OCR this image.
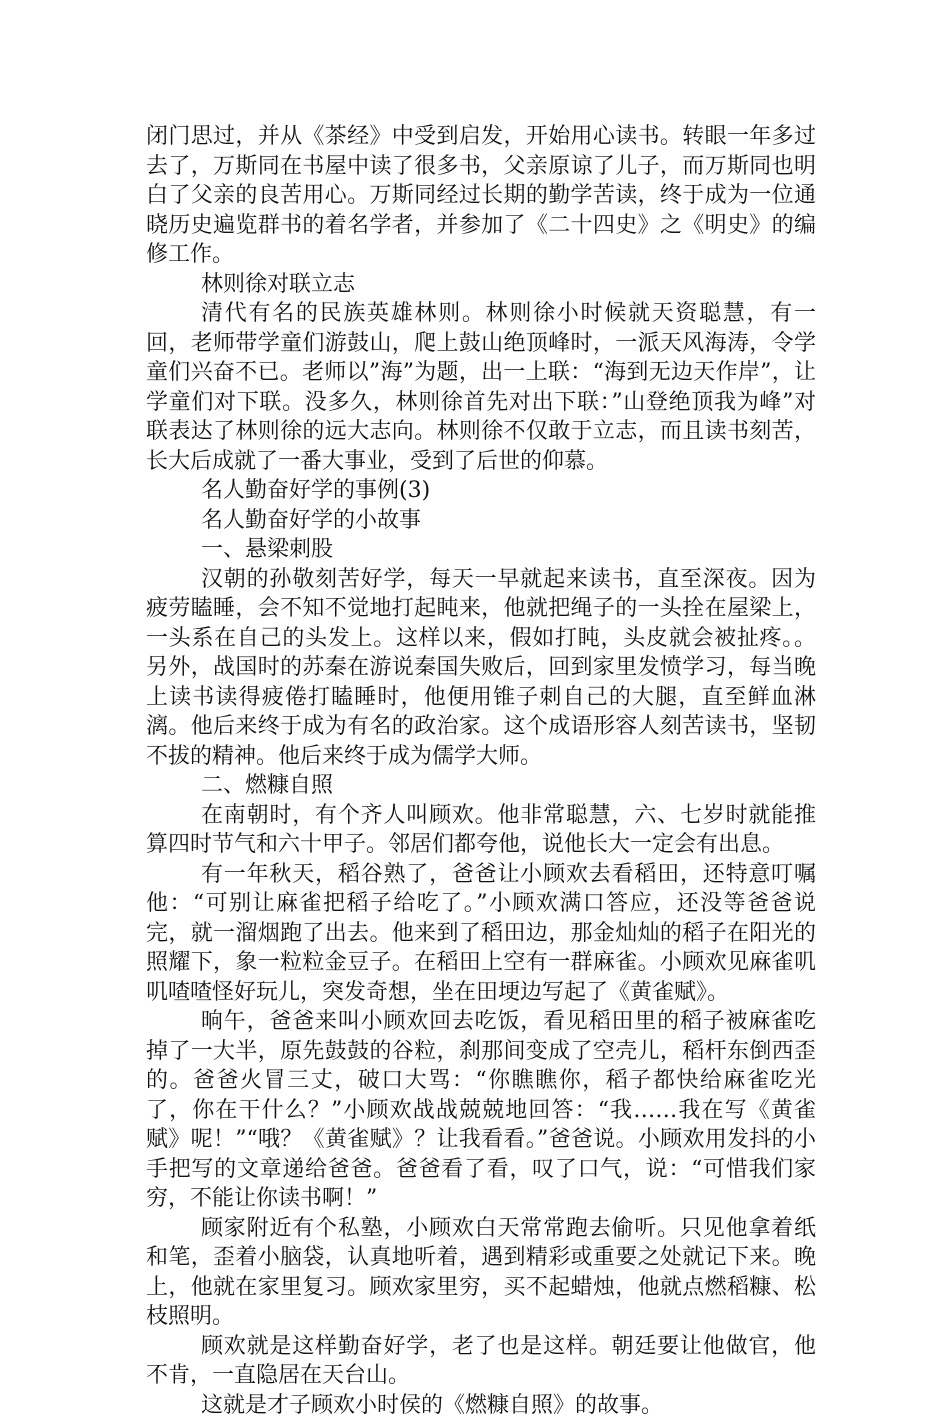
闭门思过，并从《茶经》中受到启发，开始用心读书。转眼一年多过去了，万斯同在书屋中读了很多书，父亲原谅了儿子，而万斯同也明白了父亲的良苦用心。万斯同经过长期的勤学苦读，终于成为一位通晓历史遍览群书的着名学者，并参加了《二十四史》之《明史》的编修工作。

林则徐对联立志

清代有名的民族英雄林则。林则徐小时候就天资聪慧，有一回，老师带学童们游鼓山，爬上鼓山绝顶峰时，一派天风海涛，令学童们兴奋不已。老师以”海”为题，出一上联：“海到无边天作岸”，让学童们对下联。没多久，林则徐首先对出下联：”山登绝顶我为峰”对联表达了林则徐的远大志向。林则徐不仅敢于立志，而且读书刻苦，长大后成就了一番大事业，受到了后世的仰慕。

名人勤奋好学的事例(3)

名人勤奋好学的小故事

一、悬梁刺股

汉朝的孙敬刻苦好学，每天一早就起来读书，直至深夜。因为疲劳瞌睡，会不知不觉地打起盹来，他就把绳子的一头拴在屋梁上，一头系在自己的头发上。这样以来，假如打盹，头皮就会被扯疼。。另外，战国时的苏秦在游说秦国失败后，回到家里发愤学习，每当晚上读书读得疲倦打瞌睡时，他便用锥子刺自己的大腿，直至鲜血淋漓。他后来终于成为有名的政治家。这个成语形容人刻苦读书，坚韧不拔的精神。他后来终于成为儒学大师。

二、燃糠自照

在南朝时，有个齐人叫顾欢。他非常聪慧，六、七岁时就能推算四时节气和六十甲子。邻居们都夸他，说他长大一定会有出息。

有一年秋天，稻谷熟了，爸爸让小顾欢去看稻田，还特意叮嘱他：“可别让麻雀把稻子给吃了。”小顾欢满口答应，还没等爸爸说完，就一溜烟跑了出去。他来到了稻田边，那金灿灿的稻子在阳光的照耀下，象一粒粒金豆子。在稻田上空有一群麻雀。小顾欢见麻雀叽叽喳喳怪好玩儿，突发奇想，坐在田埂边写起了《黄雀赋》。

晌午，爸爸来叫小顾欢回去吃饭，看见稻田里的稻子被麻雀吃掉了一大半，原先鼓鼓的谷粒，刹那间变成了空壳儿，稻杆东倒西歪的。爸爸火冒三丈，破口大骂：“你瞧瞧你，稻子都快给麻雀吃光了，你在干什么？”小顾欢战战兢兢地回答：“我……我在写《黄雀赋》呢！”“哦？《黄雀赋》？让我看看。”爸爸说。小顾欢用发抖的小手把写的文章递给爸爸。爸爸看了看，叹了口气，说：“可惜我们家穷，不能让你读书啊！”

顾家附近有个私塾，小顾欢白天常常跑去偷听。只见他拿着纸和笔，歪着小脑袋，认真地听着，遇到精彩或重要之处就记下来。晚上，他就在家里复习。顾欢家里穷，买不起蜡烛，他就点燃稻糠、松枝照明。

顾欢就是这样勤奋好学，老了也是这样。朝廷要让他做官，他不肯，一直隐居在天台山。

这就是才子顾欢小时侯的《燃糠自照》的故事。
